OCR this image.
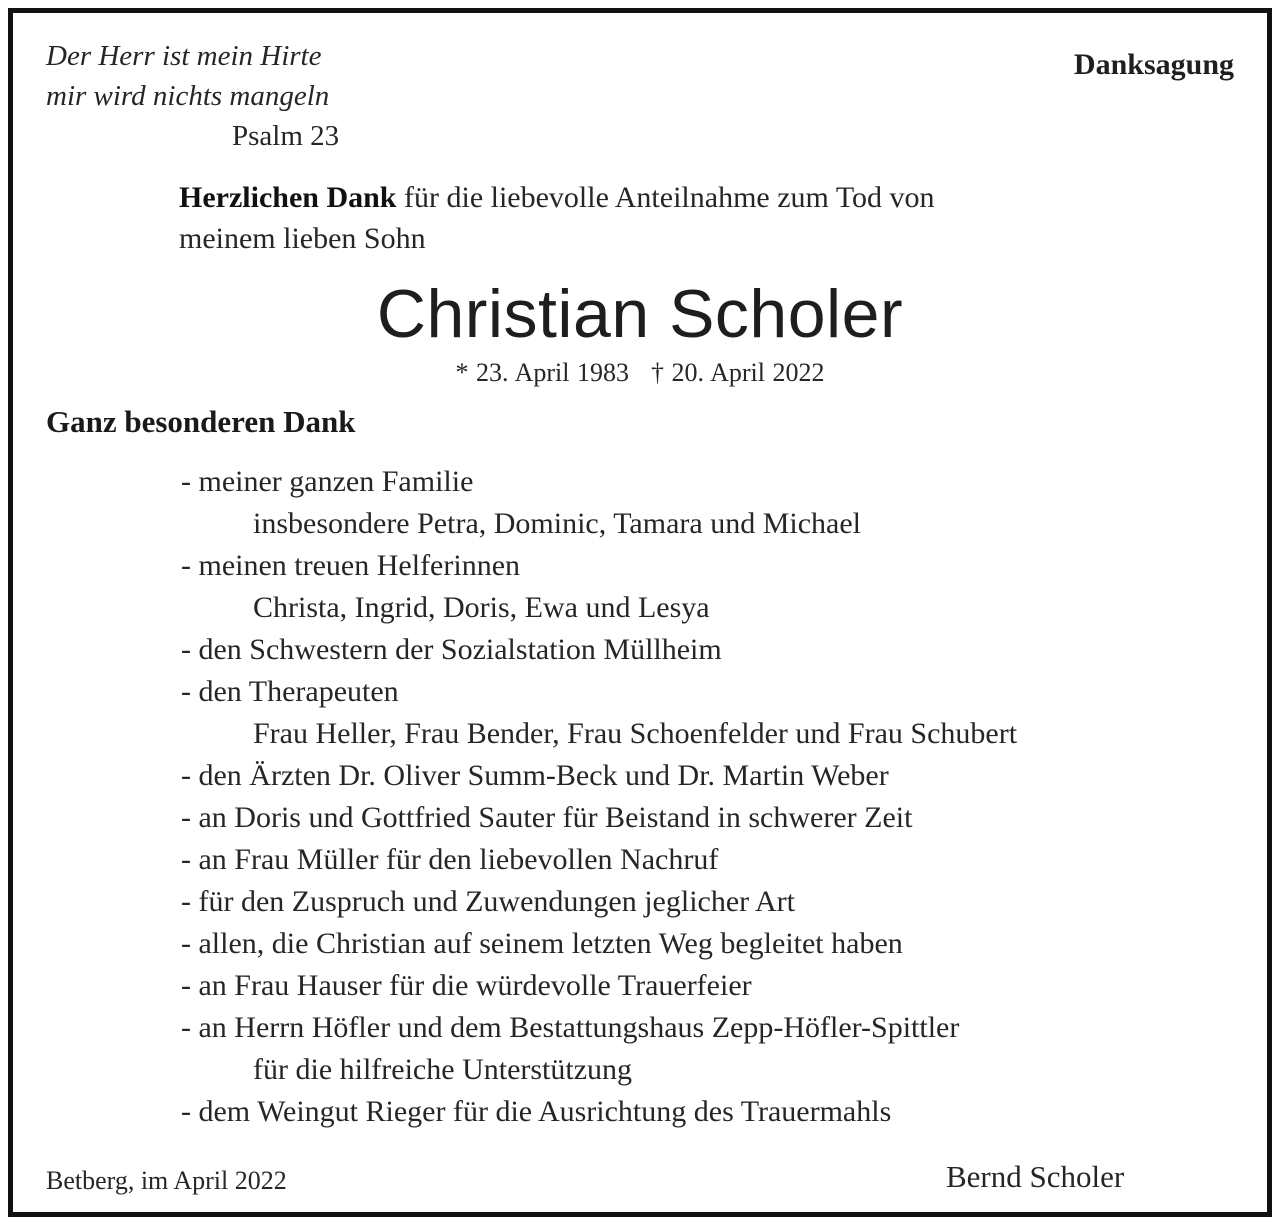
Der Herr ist mein Hirte
mir wird nichts mangeln
Psalm 23
Danksagung
Herzlichen Dank für die liebevolle Anteilnahme zum Tod von
meinem lieben Sohn
Christian Scholer
* 23. April 1983 † 20. April 2022
Ganz besonderen Dank
- meiner ganzen Familie
insbesondere Petra, Dominic, Tamara und Michael
- meinen treuen Helferinnen
Christa, Ingrid, Doris, Ewa und Lesya
- den Schwestern der Sozialstation Müllheim
- den Therapeuten
Frau Heller, Frau Bender, Frau Schoenfelder und Frau Schubert
- den Ärzten Dr. Oliver Summ-Beck und Dr. Martin Weber
- an Doris und Gottfried Sauter für Beistand in schwerer Zeit
- an Frau Müller für den liebevollen Nachruf
- für den Zuspruch und Zuwendungen jeglicher Art
- allen, die Christian auf seinem letzten Weg begleitet haben
- an Frau Hauser für die würdevolle Trauerfeier
- an Herrn Höfler und dem Bestattungshaus Zepp-Höfler-Spittler
für die hilfreiche Unterstützung
- dem Weingut Rieger für die Ausrichtung des Trauermahls
Betberg, im April 2022	Bernd Scholer
